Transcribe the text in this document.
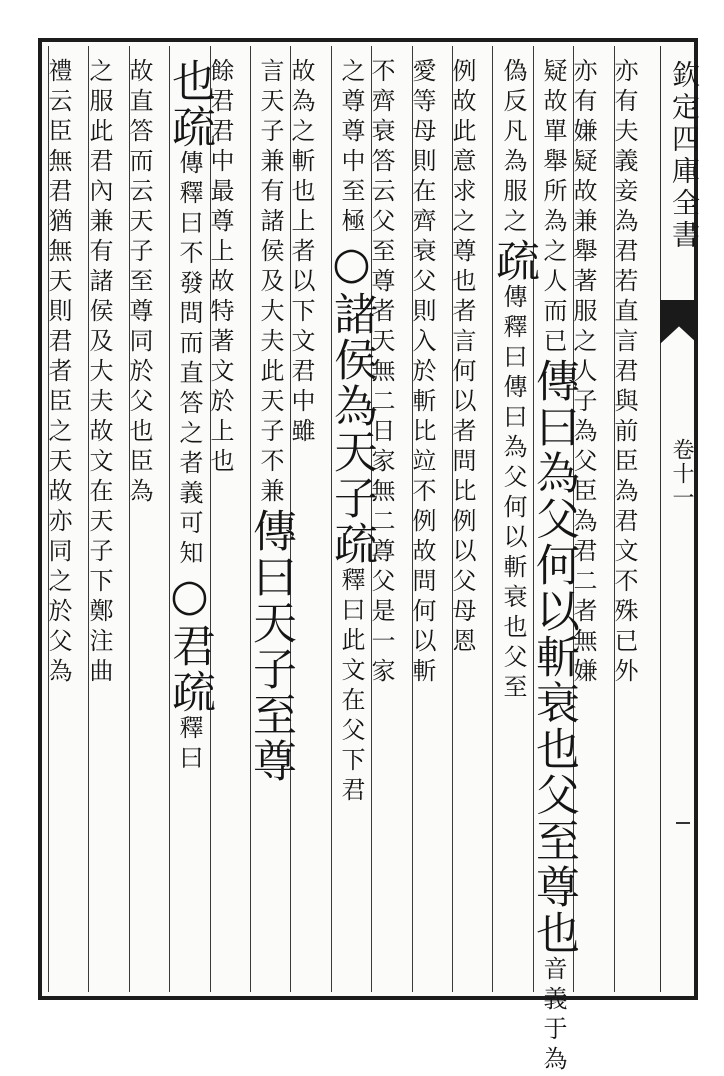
欽定四庫全書
卷十一
亦有夫義妾為君若直言君與前臣為君文不殊已外
亦有嫌疑故兼舉著服之人子為父臣為君二者無嫌
疑故單舉所為之人而已傳曰為父何以斬衰也父至尊也音義于為
偽反凡為服之疏傳釋曰傳曰為父何以斬衰也父至
例故此意求之尊也者言何以者問比例以父母恩
愛等母則在齊衰父則入於斬比竝不例故問何以斬
不齊衰答云父至尊者天無二日家無二尊父是一家
之尊尊中至極○諸侯為天子疏釋曰此文在父下君
故為之斬也上者以下文君中雖
言天子兼有諸侯及大夫此天子不兼傳曰天子至尊
餘君君中最尊上故特著文於上也
也疏傳釋曰不發問而直答之者義可知○君疏釋曰
故直答而云天子至尊同於父也臣為
之服此君內兼有諸侯及大夫故文在天子下鄭注曲
禮云臣無君猶無天則君者臣之天故亦同之於父為
